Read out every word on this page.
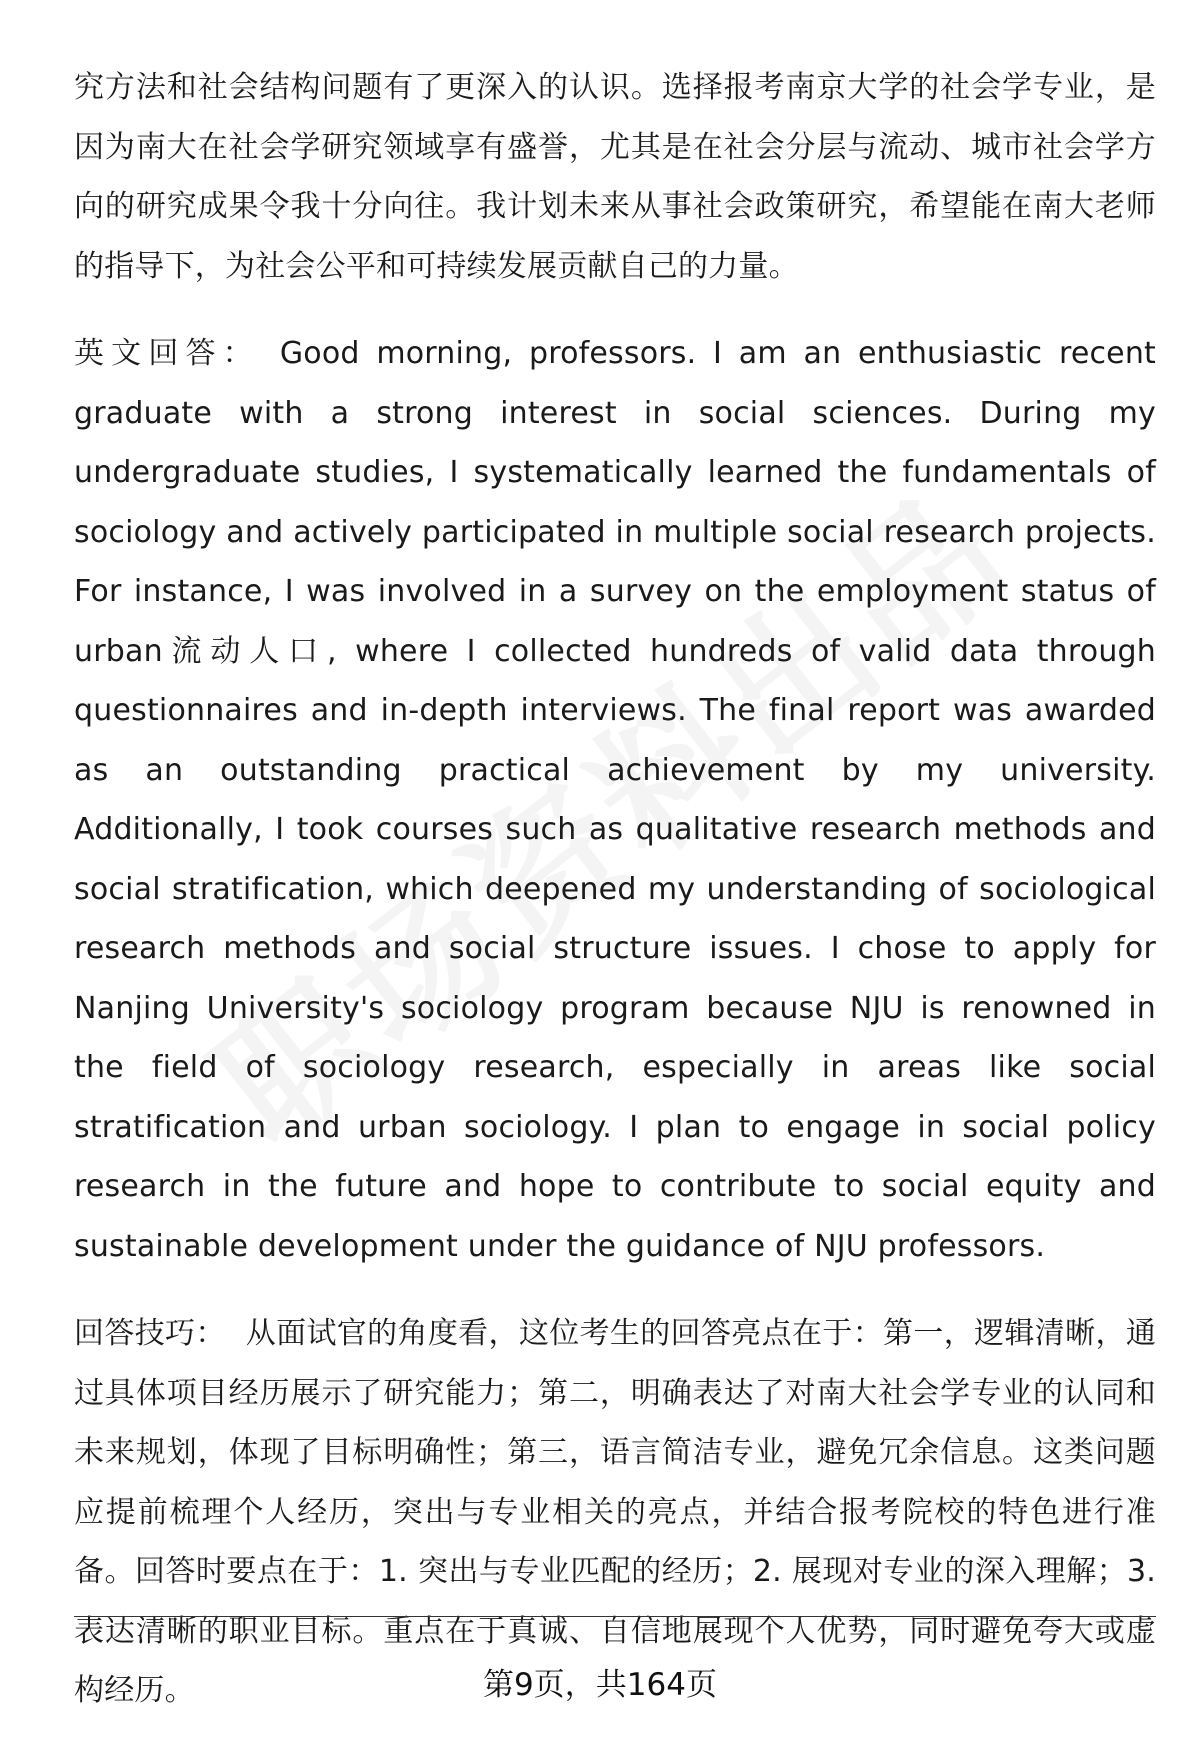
究方法和社会结构问题有了更深入的认识。选择报考南京大学的社会学专业，是因为南大在社会学研究领域享有盛誉，尤其是在社会分层与流动、城市社会学方向的研究成果令我十分向往。我计划未来从事社会政策研究，希望能在南大老师的指导下，为社会公平和可持续发展贡献自己的力量。

英文回答： Good morning, professors. I am an enthusiastic recent graduate with a strong interest in social sciences. During my undergraduate studies, I systematically learned the fundamentals of sociology and actively participated in multiple social research projects. For instance, I was involved in a survey on the employment status of urban流动人口, where I collected hundreds of valid data through questionnaires and in-depth interviews. The final report was awarded as an outstanding practical achievement by my university. Additionally, I took courses such as qualitative research methods and social stratification, which deepened my understanding of sociological research methods and social structure issues. I chose to apply for Nanjing University's sociology program because NJU is renowned in the field of sociology research, especially in areas like social stratification and urban sociology. I plan to engage in social policy research in the future and hope to contribute to social equity and sustainable development under the guidance of NJU professors.

回答技巧： 从面试官的角度看，这位考生的回答亮点在于：第一，逻辑清晰，通过具体项目经历展示了研究能力；第二，明确表达了对南大社会学专业的认同和未来规划，体现了目标明确性；第三，语言简洁专业，避免冗余信息。这类问题应提前梳理个人经历，突出与专业相关的亮点，并结合报考院校的特色进行准备。回答时要点在于：1. 突出与专业匹配的经历；2. 展现对专业的深入理解；3. 表达清晰的职业目标。重点在于真诚、自信地展现个人优势，同时避免夸大或虚构经历。	第9页，共164页
